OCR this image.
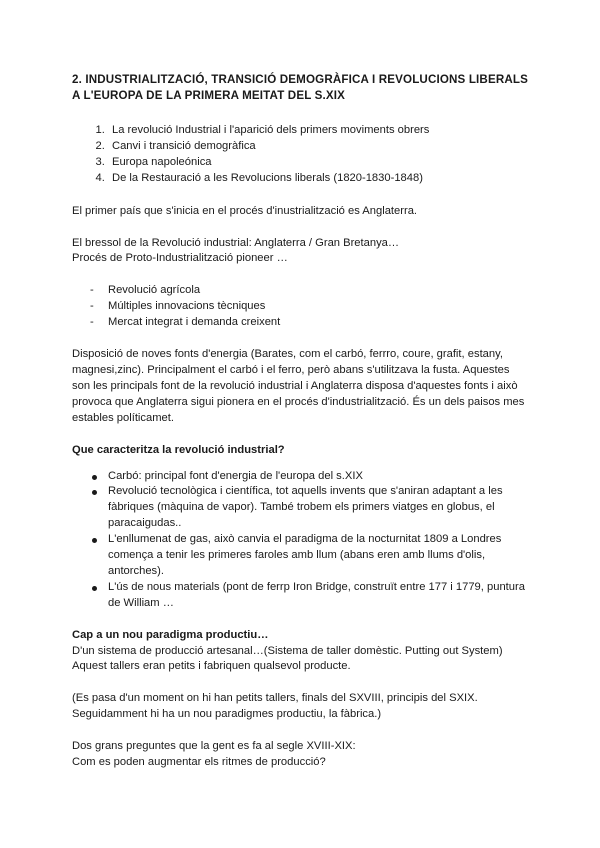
2. INDUSTRIALITZACIÓ, TRANSICIÓ DEMOGRÀFICA I REVOLUCIONS LIBERALS A L'EUROPA DE LA PRIMERA MEITAT DEL S.XIX
1. La revolució Industrial i l'aparició dels primers moviments obrers
2. Canvi i transició demogràfica
3. Europa napoleónica
4. De la Restauració a les Revolucions liberals (1820-1830-1848)

El primer país que s'inicia en el procés d'inustrialització es Anglaterra.

El bressol de la Revolució industrial: Anglaterra / Gran Bretanya…

Procés de Proto-Industrialització pioneer …

- Revolució agrícola
- Múltiples innovacions tècniques
- Mercat integrat i demanda creixent

Disposició de noves fonts d'energia (Barates, com el carbó, ferrro, coure, grafit, estany, magnesi,zinc). Principalment el carbó i el ferro, però abans s'utilitzava la fusta. Aquestes son les principals font de la revolució industrial i Anglaterra disposa d'aquestes fonts i això provoca que Anglaterra sigui pionera en el procés d'industrialització. És un dels paisos mes estables políticamet.

Que caracteritza la revolució industrial?

Carbó: principal font d'energia de l'europa del s.XIX
Revolució tecnològica i científica, tot aquells invents que s'aniran adaptant a les fàbriques (màquina de vapor). També trobem els primers viatges en globus, el paracaigudas..
L'enllumenat de gas, això canvia el paradigma de la nocturnitat 1809 a Londres comença a tenir les primeres faroles amb llum (abans eren amb llums d'olis, antorches).
L'ús de nous materials (pont de ferrp Iron Bridge, construït entre 177 i 1779, puntura de William …

Cap a un nou paradigma productiu…

D'un sistema de producció artesanal…(Sistema de taller domèstic. Putting out System) Aquest tallers eran petits i fabriquen qualsevol producte.

(Es pasa d'un moment on hi han petits tallers, finals del SXVIII, principis del SXIX. Seguidamment hi ha un nou paradigmes productiu, la fàbrica.)

Dos grans preguntes que la gent es fa al segle XVIII-XIX:

Com es poden augmentar els ritmes de producció?
